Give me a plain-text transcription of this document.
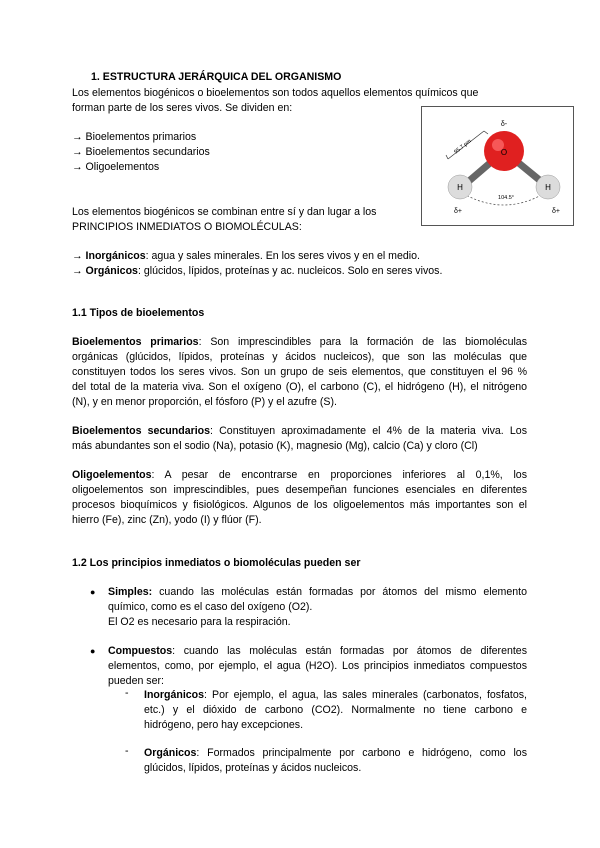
1. ESTRUCTURA JERÁRQUICA DEL ORGANISMO
Los elementos biogénicos o bioelementos son todos aquellos elementos químicos que
forman parte de los seres vivos. Se dividen en:
→ Bioelementos primarios
→ Bioelementos secundarios
→ Oligoelementos
95.7 pm	O
H	H
δ-
δ+	δ+
104.5°
Los elementos biogénicos se combinan entre sí y dan lugar a los
PRINCIPIOS INMEDIATOS O BIOMOLÉCULAS:
→ Inorgánicos: agua y sales minerales. En los seres vivos y en el medio.
→ Orgánicos: glúcidos, lípidos, proteínas y ac. nucleicos. Solo en seres vivos.
1.1 Tipos de bioelementos
Bioelementos primarios: Son imprescindibles para la formación de las biomoléculas
orgánicas (glúcidos, lípidos, proteínas y ácidos nucleicos), que son las moléculas que
constituyen todos los seres vivos. Son un grupo de seis elementos, que constituyen el 96 %
del total de la materia viva. Son el oxígeno (O), el carbono (C), el hidrógeno (H), el nitrógeno
(N), y en menor proporción, el fósforo (P) y el azufre (S).
Bioelementos secundarios: Constituyen aproximadamente el 4% de la materia viva. Los
más abundantes son el sodio (Na), potasio (K), magnesio (Mg), calcio (Ca) y cloro (Cl)
Oligoelementos: A pesar de encontrarse en proporciones inferiores al 0,1%, los
oligoelementos son imprescindibles, pues desempeñan funciones esenciales en diferentes
procesos bioquímicos y fisiológicos. Algunos de los oligoelementos más importantes son el
hierro (Fe), zinc (Zn), yodo (I) y flúor (F).
1.2 Los principios inmediatos o biomoléculas pueden ser
● Simples: cuando las moléculas están formadas por átomos del mismo elemento
químico, como es el caso del oxígeno (O2).
El O2 es necesario para la respiración.
● Compuestos: cuando las moléculas están formadas por átomos de diferentes
elementos, como, por ejemplo, el agua (H2O). Los principios inmediatos compuestos
pueden ser:
- Inorgánicos: Por ejemplo, el agua, las sales minerales (carbonatos, fosfatos,
etc.) y el dióxido de carbono (CO2). Normalmente no tiene carbono e
hidrógeno, pero hay excepciones.
- Orgánicos: Formados principalmente por carbono e hidrógeno, como los
glúcidos, lípidos, proteínas y ácidos nucleicos.
